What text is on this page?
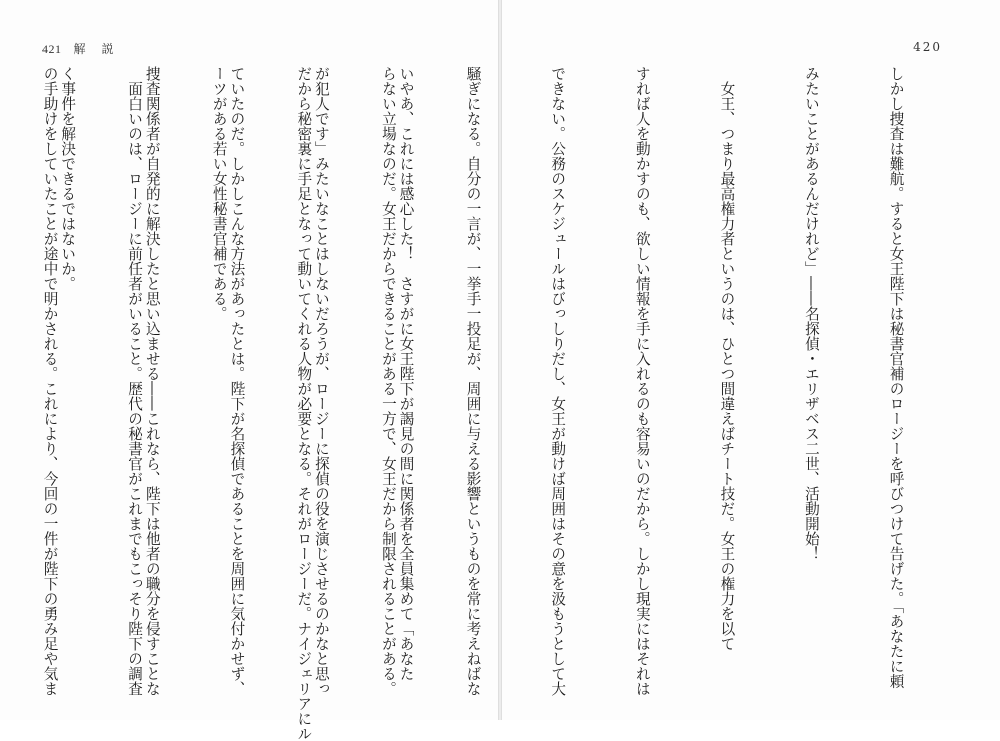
421 解　説

いやあ、これには感心した！　さすがに女王陛下が謁見の間に関係者を全員集めて「あなた

が犯人です」みたいなことはしないだろうが、ロージーに探偵の役を演じさせるのかなと思っ

ていたのだ。しかしこんな方法があったとは。陛下が名探偵であることを周囲に気付かせず、

捜査関係者が自発的に解決したと思い込ませる――これなら、陛下は他者の職分を侵すことな

く事件を解決できるではないか。

420

しかし捜査は難航。すると女王陛下は秘書官補のロージーを呼びつけて告げた。「あなたに頼

みたいことがあるんだけれど」――名探偵・エリザベス二世、活動開始！

　女王、つまり最高権力者というのは、ひとつ間違えばチート技だ。女王の権力を以て

すれば人を動かすのも、欲しい情報を手に入れるのも容易いのだから。しかし現実にはそれは

できない。公務のスケジュールはびっしりだし、女王が動けば周囲はその意を汲もうとして大

騒ぎになる。自分の一言が、一挙手一投足が、周囲に与える影響というものを常に考えねばな

らない立場なのだ。女王だからできることがある一方で、女王だから制限されることがある。

だから秘密裏に手足となって動いてくれる人物が必要となる。それがロージーだ。ナイジェリアにル

ーツがある若い女性秘書官補である。

　面白いのは、ロージーに前任者がいること。歴代の秘書官がこれまでもこっそり陛下の調査

の手助けをしていたことが途中で明かされる。これにより、今回の一件が陛下の勇み足や気ま
